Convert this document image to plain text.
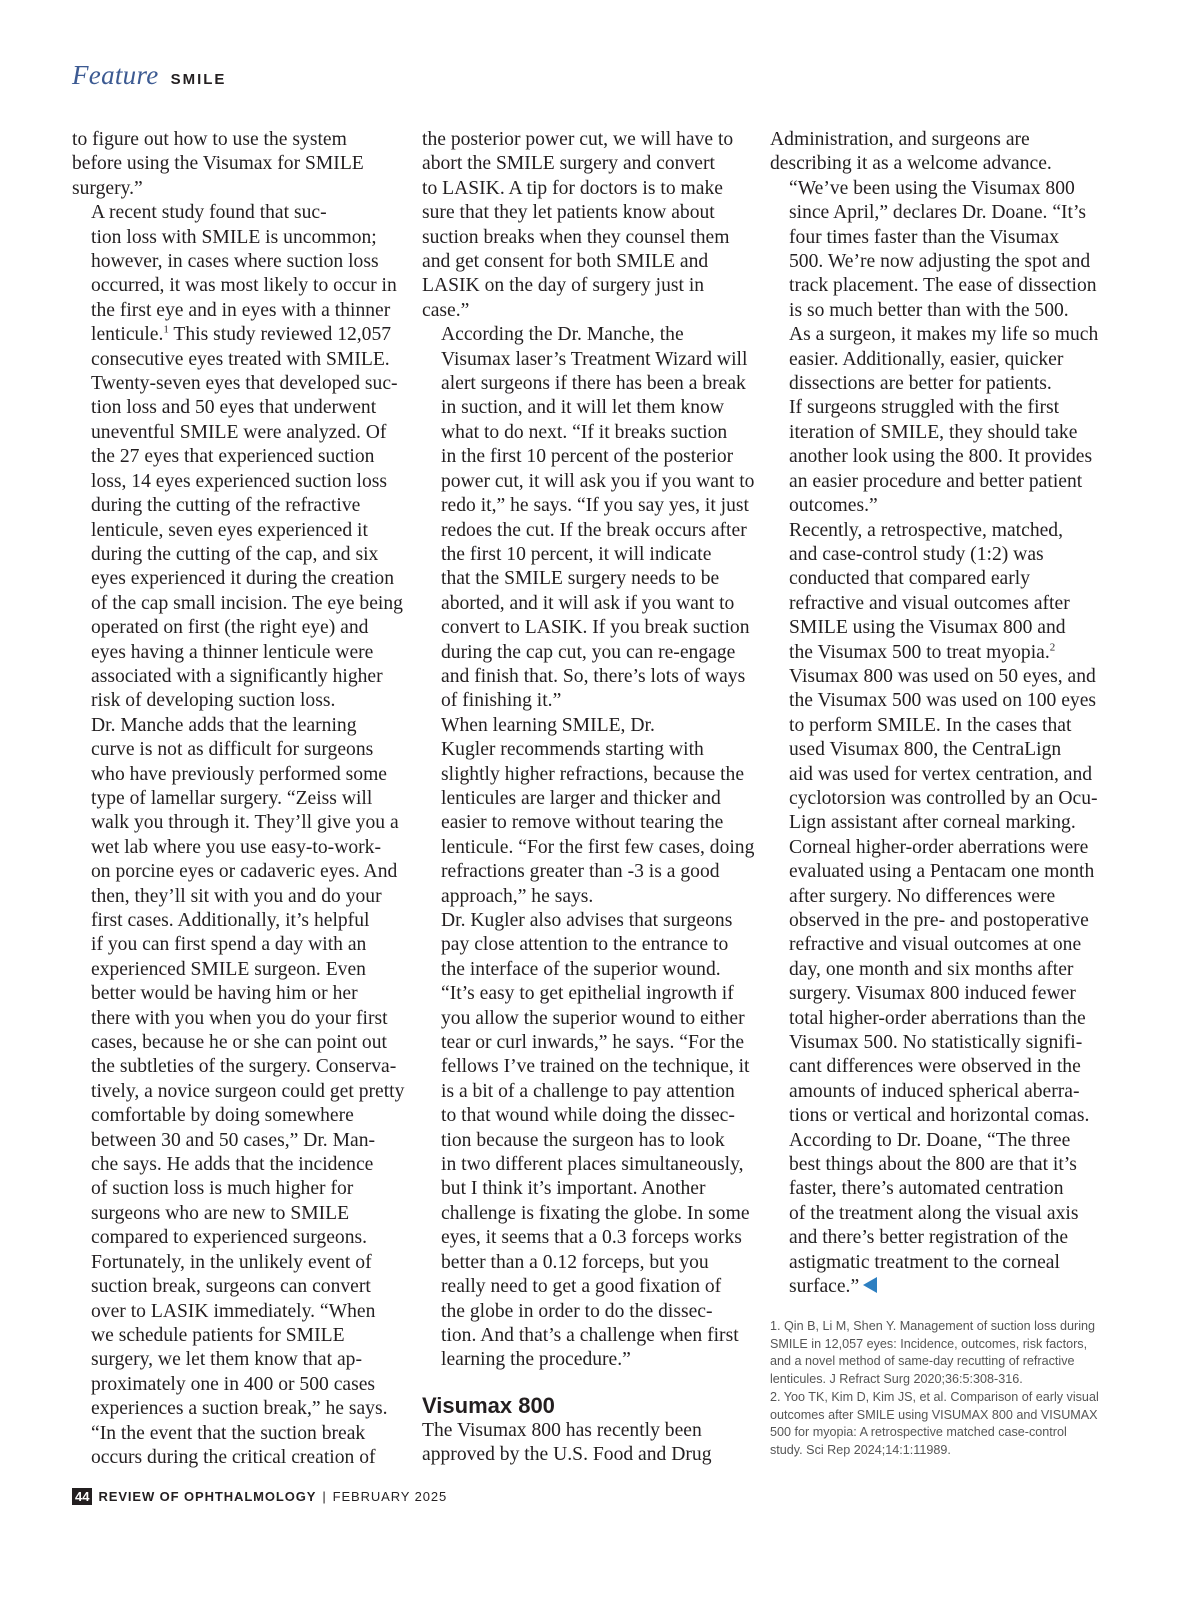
Feature SMILE

to figure out how to use the system
before using the Visumax for SMILE
surgery.”

A recent study found that suc-
tion loss with SMILE is uncommon;
however, in cases where suction loss
occurred, it was most likely to occur in
the first eye and in eyes with a thinner
lenticule.$^1$ This study reviewed 12,057
consecutive eyes treated with SMILE.
Twenty-seven eyes that developed suc-
tion loss and 50 eyes that underwent
uneventful SMILE were analyzed. Of
the 27 eyes that experienced suction
loss, 14 eyes experienced suction loss
during the cutting of the refractive
lenticule, seven eyes experienced it
during the cutting of the cap, and six
eyes experienced it during the creation
of the cap small incision. The eye being
operated on first (the right eye) and
eyes having a thinner lenticule were
associated with a significantly higher
risk of developing suction loss.

Dr. Manche adds that the learning
curve is not as difficult for surgeons
who have previously performed some
type of lamellar surgery. “Zeiss will
walk you through it. They’ll give you a
wet lab where you use easy-to-work-
on porcine eyes or cadaveric eyes. And
then, they’ll sit with you and do your
first cases. Additionally, it’s helpful
if you can first spend a day with an
experienced SMILE surgeon. Even
better would be having him or her
there with you when you do your first
cases, because he or she can point out
the subtleties of the surgery. Conserva-
tively, a novice surgeon could get pretty
comfortable by doing somewhere
between 30 and 50 cases,” Dr. Man-
che says. He adds that the incidence
of suction loss is much higher for
surgeons who are new to SMILE
compared to experienced surgeons.

Fortunately, in the unlikely event of
suction break, surgeons can convert
over to LASIK immediately. “When
we schedule patients for SMILE
surgery, we let them know that ap-
proximately one in 400 or 500 cases
experiences a suction break,” he says.
“In the event that the suction break
occurs during the critical creation of

the posterior power cut, we will have to
abort the SMILE surgery and convert
to LASIK. A tip for doctors is to make
sure that they let patients know about
suction breaks when they counsel them
and get consent for both SMILE and
LASIK on the day of surgery just in
case.”

According the Dr. Manche, the
Visumax laser’s Treatment Wizard will
alert surgeons if there has been a break
in suction, and it will let them know
what to do next. “If it breaks suction
in the first 10 percent of the posterior
power cut, it will ask you if you want to
redo it,” he says. “If you say yes, it just
redoes the cut. If the break occurs after
the first 10 percent, it will indicate
that the SMILE surgery needs to be
aborted, and it will ask if you want to
convert to LASIK. If you break suction
during the cap cut, you can re-engage
and finish that. So, there’s lots of ways
of finishing it.”

When learning SMILE, Dr.
Kugler recommends starting with
slightly higher refractions, because the
lenticules are larger and thicker and
easier to remove without tearing the
lenticule. “For the first few cases, doing
refractions greater than -3 is a good
approach,” he says.

Dr. Kugler also advises that surgeons
pay close attention to the entrance to
the interface of the superior wound.
“It’s easy to get epithelial ingrowth if
you allow the superior wound to either
tear or curl inwards,” he says. “For the
fellows I’ve trained on the technique, it
is a bit of a challenge to pay attention
to that wound while doing the dissec-
tion because the surgeon has to look
in two different places simultaneously,
but I think it’s important. Another
challenge is fixating the globe. In some
eyes, it seems that a 0.3 forceps works
better than a 0.12 forceps, but you
really need to get a good fixation of
the globe in order to do the dissec-
tion. And that’s a challenge when first
learning the procedure.”

Visumax 800

The Visumax 800 has recently been
approved by the U.S. Food and Drug

Administration, and surgeons are
describing it as a welcome advance.

“We’ve been using the Visumax 800
since April,” declares Dr. Doane. “It’s
four times faster than the Visumax
500. We’re now adjusting the spot and
track placement. The ease of dissection
is so much better than with the 500.
As a surgeon, it makes my life so much
easier. Additionally, easier, quicker
dissections are better for patients.
If surgeons struggled with the first
iteration of SMILE, they should take
another look using the 800. It provides
an easier procedure and better patient
outcomes.”

Recently, a retrospective, matched,
and case-control study (1:2) was
conducted that compared early
refractive and visual outcomes after
SMILE using the Visumax 800 and
the Visumax 500 to treat myopia.$^2$
Visumax 800 was used on 50 eyes, and
the Visumax 500 was used on 100 eyes
to perform SMILE. In the cases that
used Visumax 800, the CentraLign
aid was used for vertex centration, and
cyclotorsion was controlled by an Ocu-
Lign assistant after corneal marking.
Corneal higher-order aberrations were
evaluated using a Pentacam one month
after surgery. No differences were
observed in the pre- and postoperative
refractive and visual outcomes at one
day, one month and six months after
surgery. Visumax 800 induced fewer
total higher-order aberrations than the
Visumax 500. No statistically signifi-
cant differences were observed in the
amounts of induced spherical aberra-
tions or vertical and horizontal comas.

According to Dr. Doane, “The three
best things about the 800 are that it’s
faster, there’s automated centration
of the treatment along the visual axis
and there’s better registration of the
astigmatic treatment to the corneal
surface.”

1. Qin B, Li M, Shen Y. Management of suction loss during
SMILE in 12,057 eyes: Incidence, outcomes, risk factors,
and a novel method of same-day recutting of refractive
lenticules. J Refract Surg 2020;36:5:308-316.

2. Yoo TK, Kim D, Kim JS, et al. Comparison of early visual
outcomes after SMILE using VISUMAX 800 and VISUMAX
500 for myopia: A retrospective matched case-control
study. Sci Rep 2024;14:1:11989.

44 REVIEW OF OPHTHALMOLOGY | FEBRUARY 2025
